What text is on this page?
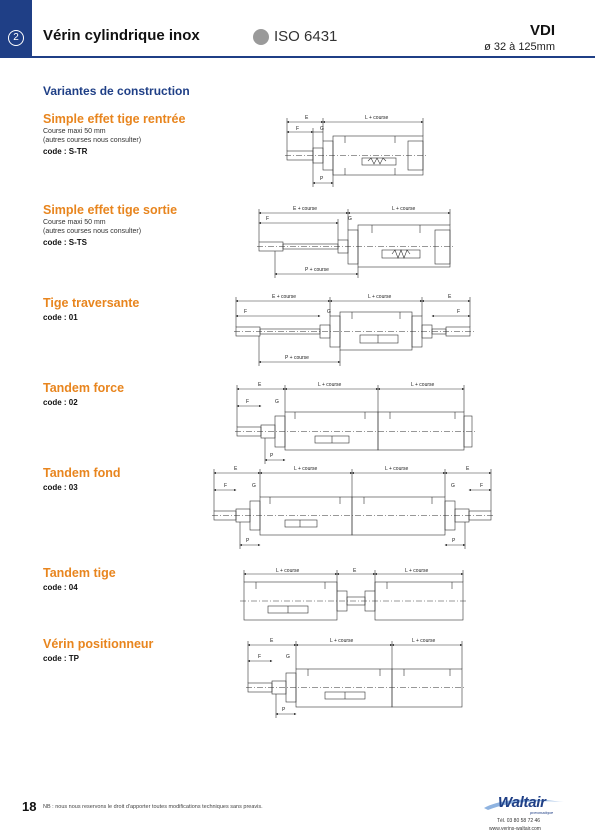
2	Vérin cylindrique inox	ISO 6431	VDI
ø 32 à 125mm
Variantes de construction
Simple effet tige rentrée
Course maxi 50 mm
(autres courses nous consulter)
code : S-TR
Simple effet tige sortie
Course maxi 50 mm
(autres courses nous consulter)
code : S-TS
Tige traversante
code : 01
Tandem force
code : 02
Tandem fond
code : 03
Tandem tige
code : 04
Vérin positionneur
code : TP
E	L + course
F	G
P
E + course	L + course
F	G
P + course
E + course	L + course	E
F	G	F
P + course
E	L + course	L + course
F	G
P
E	L + course	L + course	E
F	G	G	F
P	P
L + course	E	L + course
E	L + course	L + course
F	G
P
18 NB : nous nous reservons le droit d'apporter toutes modifications techniques sans preavis.	Waltair
pneumatique
Tél. 03 80 58 72 46
www.verins-waltair.com
